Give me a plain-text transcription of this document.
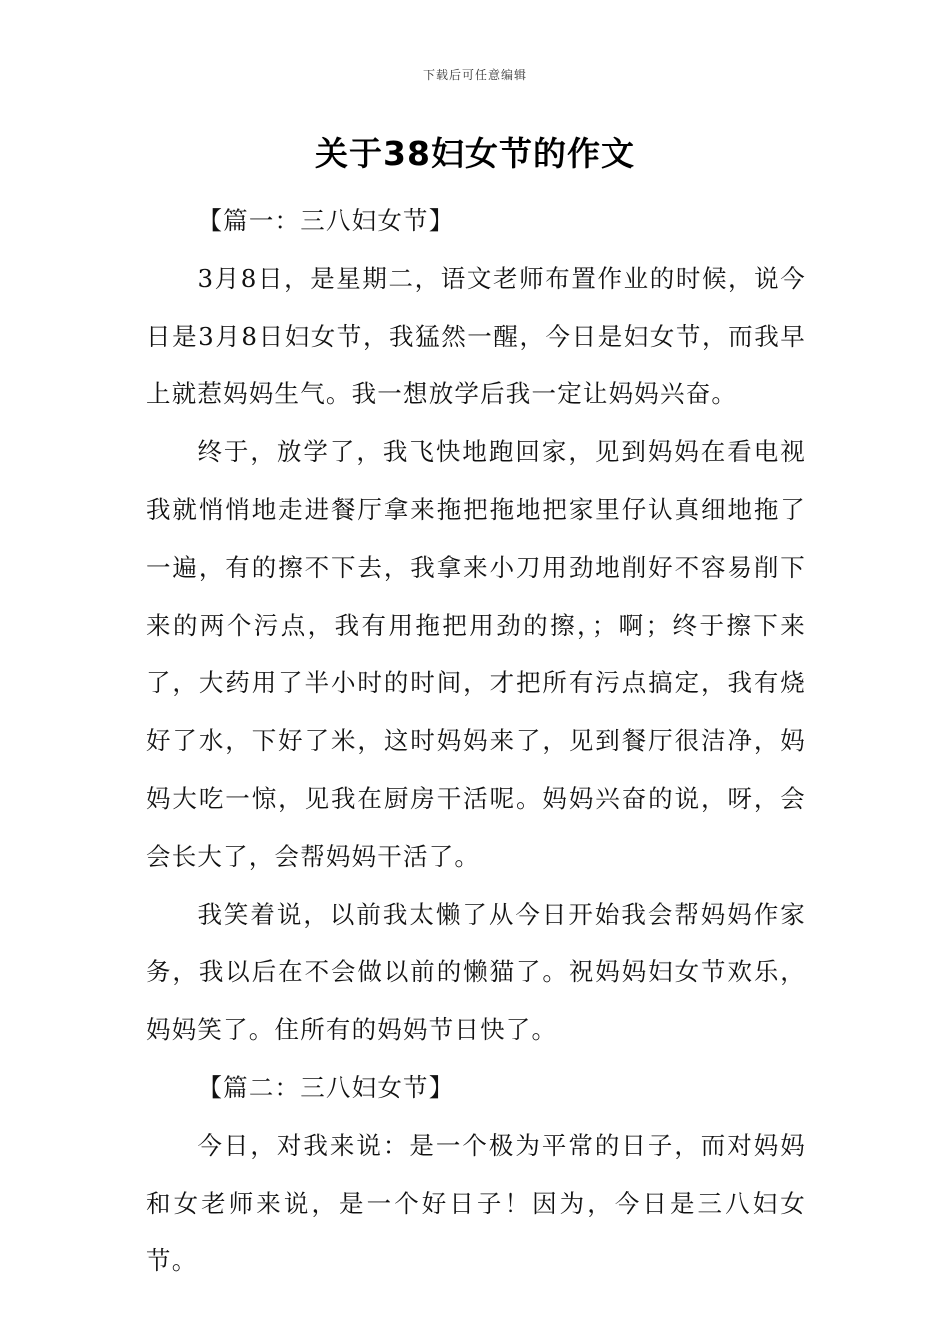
下载后可任意编辑
关于38妇女节的作文

【篇一：三八妇女节】

3月8日，是星期二，语文老师布置作业的时候，说今日是3月8日妇女节，我猛然一醒，今日是妇女节，而我早上就惹妈妈生气。我一想放学后我一定让妈妈兴奋。

终于，放学了，我飞快地跑回家，见到妈妈在看电视我就悄悄地走进餐厅拿来拖把拖地把家里仔认真细地拖了一遍，有的擦不下去，我拿来小刀用劲地削好不容易削下来的两个污点，我有用拖把用劲的擦，；啊；终于擦下来了，大药用了半小时的时间，才把所有污点搞定，我有烧好了水，下好了米，这时妈妈来了，见到餐厅很洁净，妈妈大吃一惊，见我在厨房干活呢。妈妈兴奋的说，呀，会会长大了，会帮妈妈干活了。

我笑着说，以前我太懒了从今日开始我会帮妈妈作家务，我以后在不会做以前的懒猫了。祝妈妈妇女节欢乐，妈妈笑了。住所有的妈妈节日快了。

【篇二：三八妇女节】

今日，对我来说：是一个极为平常的日子，而对妈妈和女老师来说，是一个好日子！因为，今日是三八妇女节。
